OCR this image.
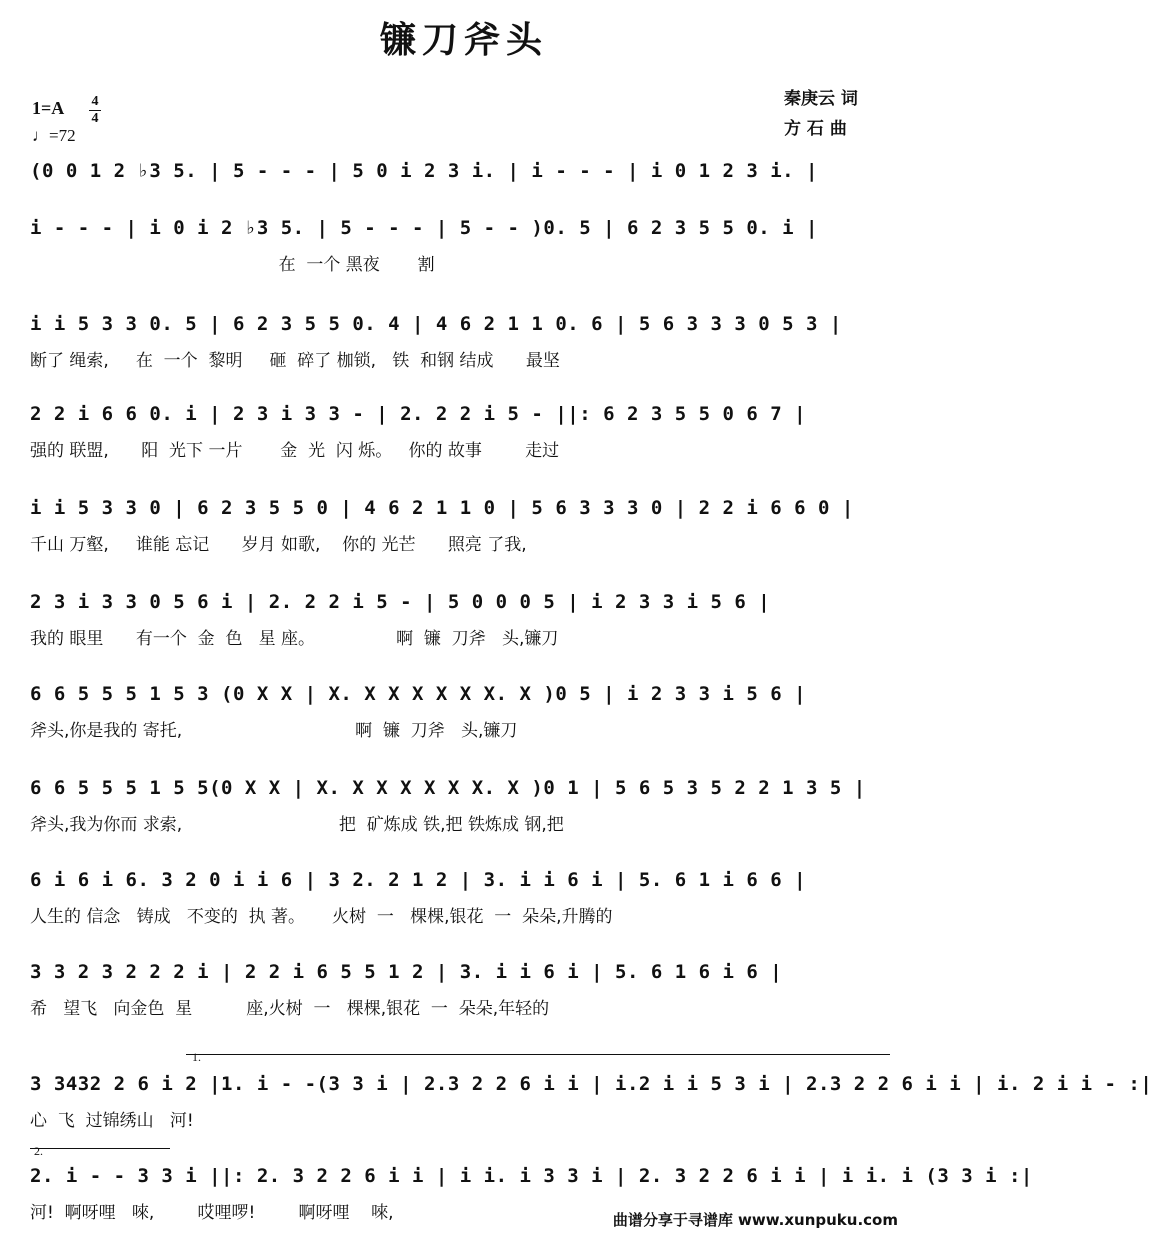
镰刀斧头
秦庚云 词
方 石 曲
1=A 4
4
♩=72
(0 0 1 2 ♭3 5. | 5 - - - | 5 0 i 2 3 i. | i - - - | i 0 1 2 3 i. |
i - - - | i 0 i 2 ♭3 5. | 5 - - - | 5 - - )0. 5 | 6 2 3 5 5 0. i |
在  一个 黑夜       割
i i 5 3 3 0. 5 | 6 2 3 5 5 0. 4 | 4 6 2 1 1 0. 6 | 5 6 3 3 3 0 5 3 |
断了 绳索,     在  一个  黎明     砸  碎了 枷锁,   铁  和钢 结成      最坚
2 2 i 6 6 0. i | 2 3 i 3 3 - | 2. 2 2 i 5 - ||: 6 2 3 5 5 0 6 7 |
强的 联盟,      阳  光下 一片       金  光  闪 烁。   你的 故事        走过
i i 5 3 3 0 | 6 2 3 5 5 0 | 4 6 2 1 1 0 | 5 6 3 3 3 0 | 2 2 i 6 6 0 |
千山 万壑,     谁能 忘记      岁月 如歌,    你的 光芒      照亮 了我,
2 3 i 3 3 0 5 6 i | 2. 2 2 i 5 - | 5 0 0 0 5 | i 2 3 3 i 5 6 |
我的 眼里      有一个  金  色   星 座。               啊  镰  刀斧   头,镰刀
6 6 5 5 5 1 5 3 (0 X X | X. X X X X X X. X )0 5 | i 2 3 3 i 5 6 |
斧头,你是我的 寄托,                                啊  镰  刀斧   头,镰刀
6 6 5 5 5 1 5 5(0 X X | X. X X X X X X. X )0 1 | 5 6 5 3 5 2 2 1 3 5 |
斧头,我为你而 求索,                             把  矿炼成 铁,把 铁炼成 钢,把
6 i 6 i 6. 3 2 0 i i 6 | 3 2. 2 1 2 | 3. i i 6 i | 5. 6 1 i 6 6 |
人生的 信念   铸成   不变的  执 著。     火树  一   棵棵,银花  一  朵朵,升腾的
3 3 2 3 2 2 2 i | 2 2 i 6 5 5 1 2 | 3. i i 6 i | 5. 6 1 6 i 6 |
希   望飞   向金色  星          座,火树  一   棵棵,银花  一  朵朵,年轻的
1.
3 3432 2 6 i 2 |1. i - -(3 3 i | 2.3 2 2 6 i i | i.2 i i 5 3 i | 2.3 2 2 6 i i | i. 2 i i - :|
心  飞  过锦绣山   河!
2.
2. i - - 3 3 i ||: 2. 3 2 2 6 i i | i i. i 3 3 i | 2. 3 2 2 6 i i | i i. i (3 3 i :|
河!  啊呀哩   唻,        哎哩啰!        啊呀哩    唻,	曲谱分享于寻谱库 www.xunpuku.com
